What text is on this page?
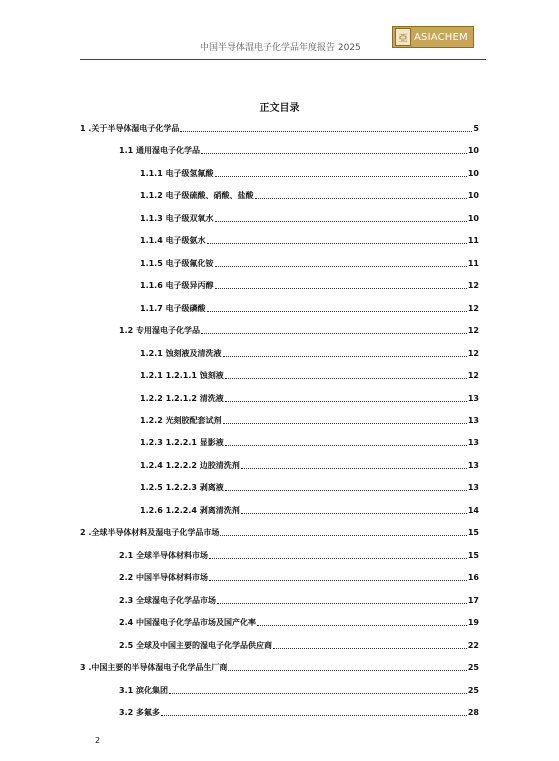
中国半导体湿电子化学品年度报告 2025
亞 ASIACHEM
正文目录
1 .关于半导体湿电子化学品	5
1.1 通用湿电子化学品	10
1.1.1 电子级氢氟酸	10
1.1.2 电子级硫酸、硝酸、盐酸	10
1.1.3 电子级双氧水	10
1.1.4 电子级氨水	11
1.1.5 电子级氟化铵	11
1.1.6 电子级异丙醇	12
1.1.7 电子级磷酸	12
1.2 专用湿电子化学品	12
1.2.1 蚀刻液及清洗液	12
1.2.1 1.2.1.1 蚀刻液	12
1.2.2 1.2.1.2 清洗液	13
1.2.2 光刻胶配套试剂	13
1.2.3 1.2.2.1 显影液	13
1.2.4 1.2.2.2 边胶清洗剂	13
1.2.5 1.2.2.3 剥离液	13
1.2.6 1.2.2.4 剥离清洗剂	14
2 .全球半导体材料及湿电子化学品市场	15
2.1 全球半导体材料市场	15
2.2 中国半导体材料市场	16
2.3 全球湿电子化学品市场	17
2.4 中国湿电子化学品市场及国产化率	19
2.5 全球及中国主要的湿电子化学品供应商	22
3 .中国主要的半导体湿电子化学品生厂商	25
3.1 滨化集团	25
3.2 多氟多	28
2
